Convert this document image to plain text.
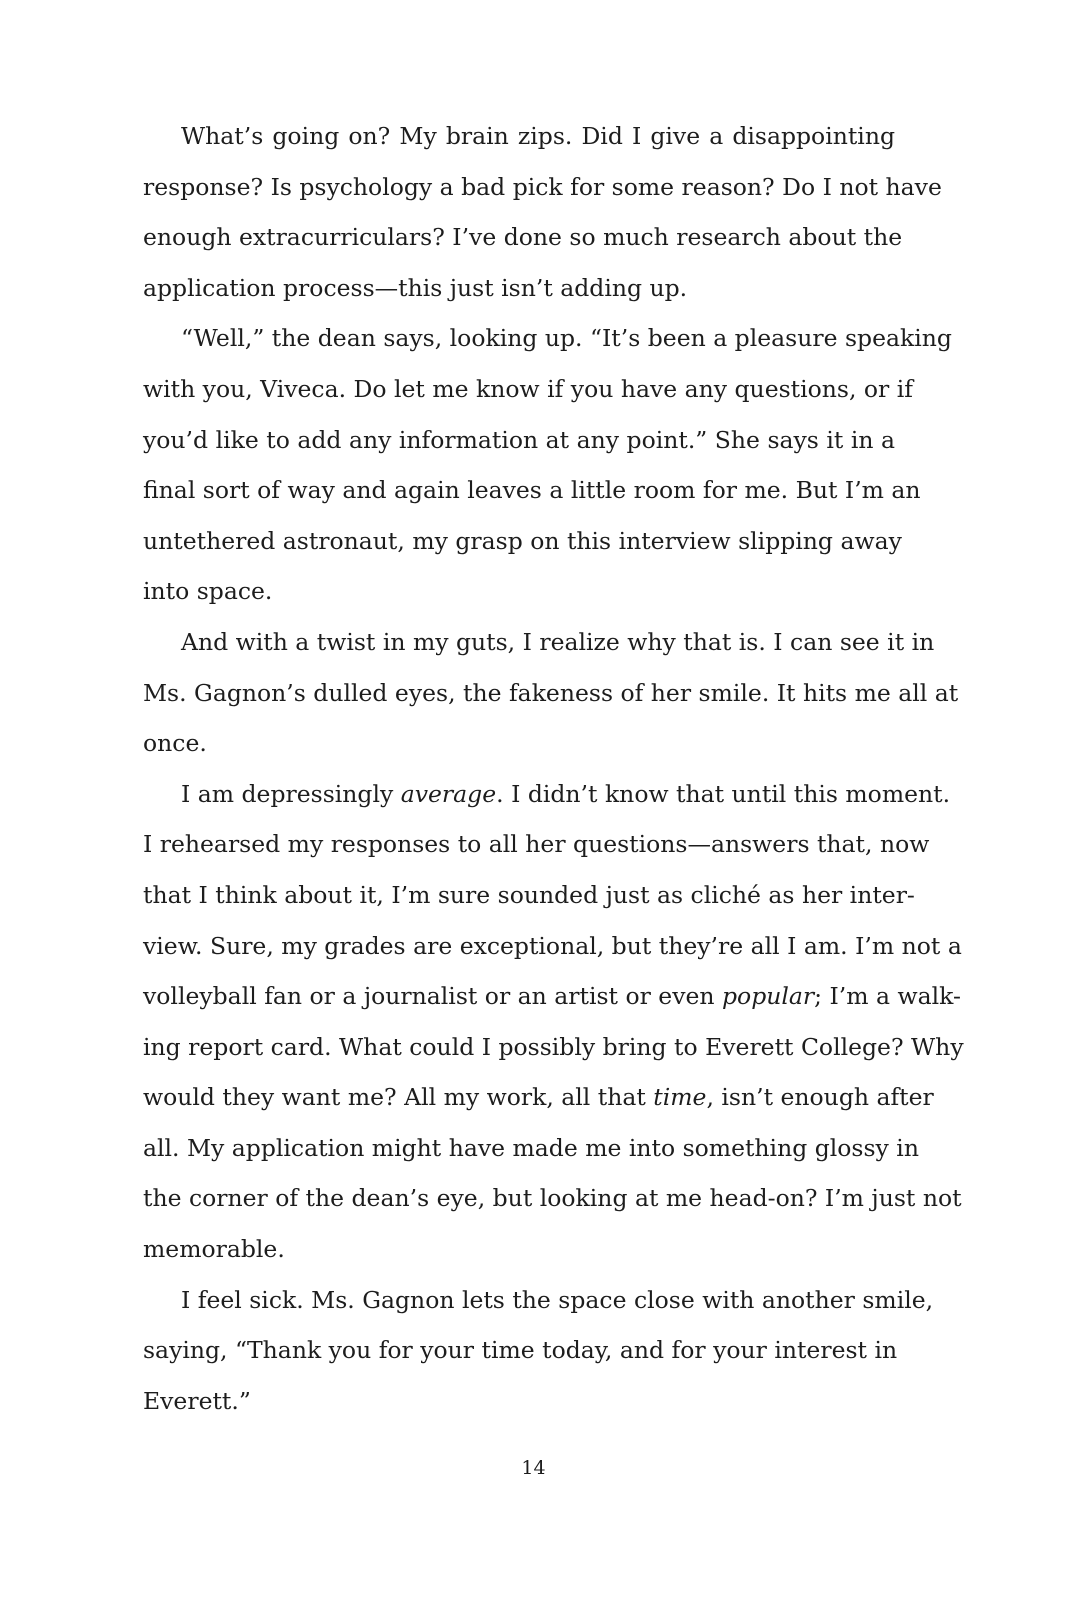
What’s going on? My brain zips. Did I give a disappointing
response? Is psychology a bad pick for some reason? Do I not have
enough extracurriculars? I’ve done so much research about the
application process—this just isn’t adding up.
“Well,” the dean says, looking up. “It’s been a pleasure speaking
with you, Viveca. Do let me know if you have any questions, or if
you’d like to add any information at any point.” She says it in a
final sort of way and again leaves a little room for me. But I’m an
untethered astronaut, my grasp on this interview slipping away
into space.
And with a twist in my guts, I realize why that is. I can see it in
Ms. Gagnon’s dulled eyes, the fakeness of her smile. It hits me all at
once.
I am depressingly average. I didn’t know that until this moment.
I rehearsed my responses to all her questions—answers that, now
that I think about it, I’m sure sounded just as cliché as her inter-
view. Sure, my grades are exceptional, but they’re all I am. I’m not a
volleyball fan or a journalist or an artist or even popular; I’m a walk-
ing report card. What could I possibly bring to Everett College? Why
would they want me? All my work, all that time, isn’t enough after
all. My application might have made me into something glossy in
the corner of the dean’s eye, but looking at me head-on? I’m just not
memorable.
I feel sick. Ms. Gagnon lets the space close with another smile,
saying, “Thank you for your time today, and for your interest in
Everett.”
14
